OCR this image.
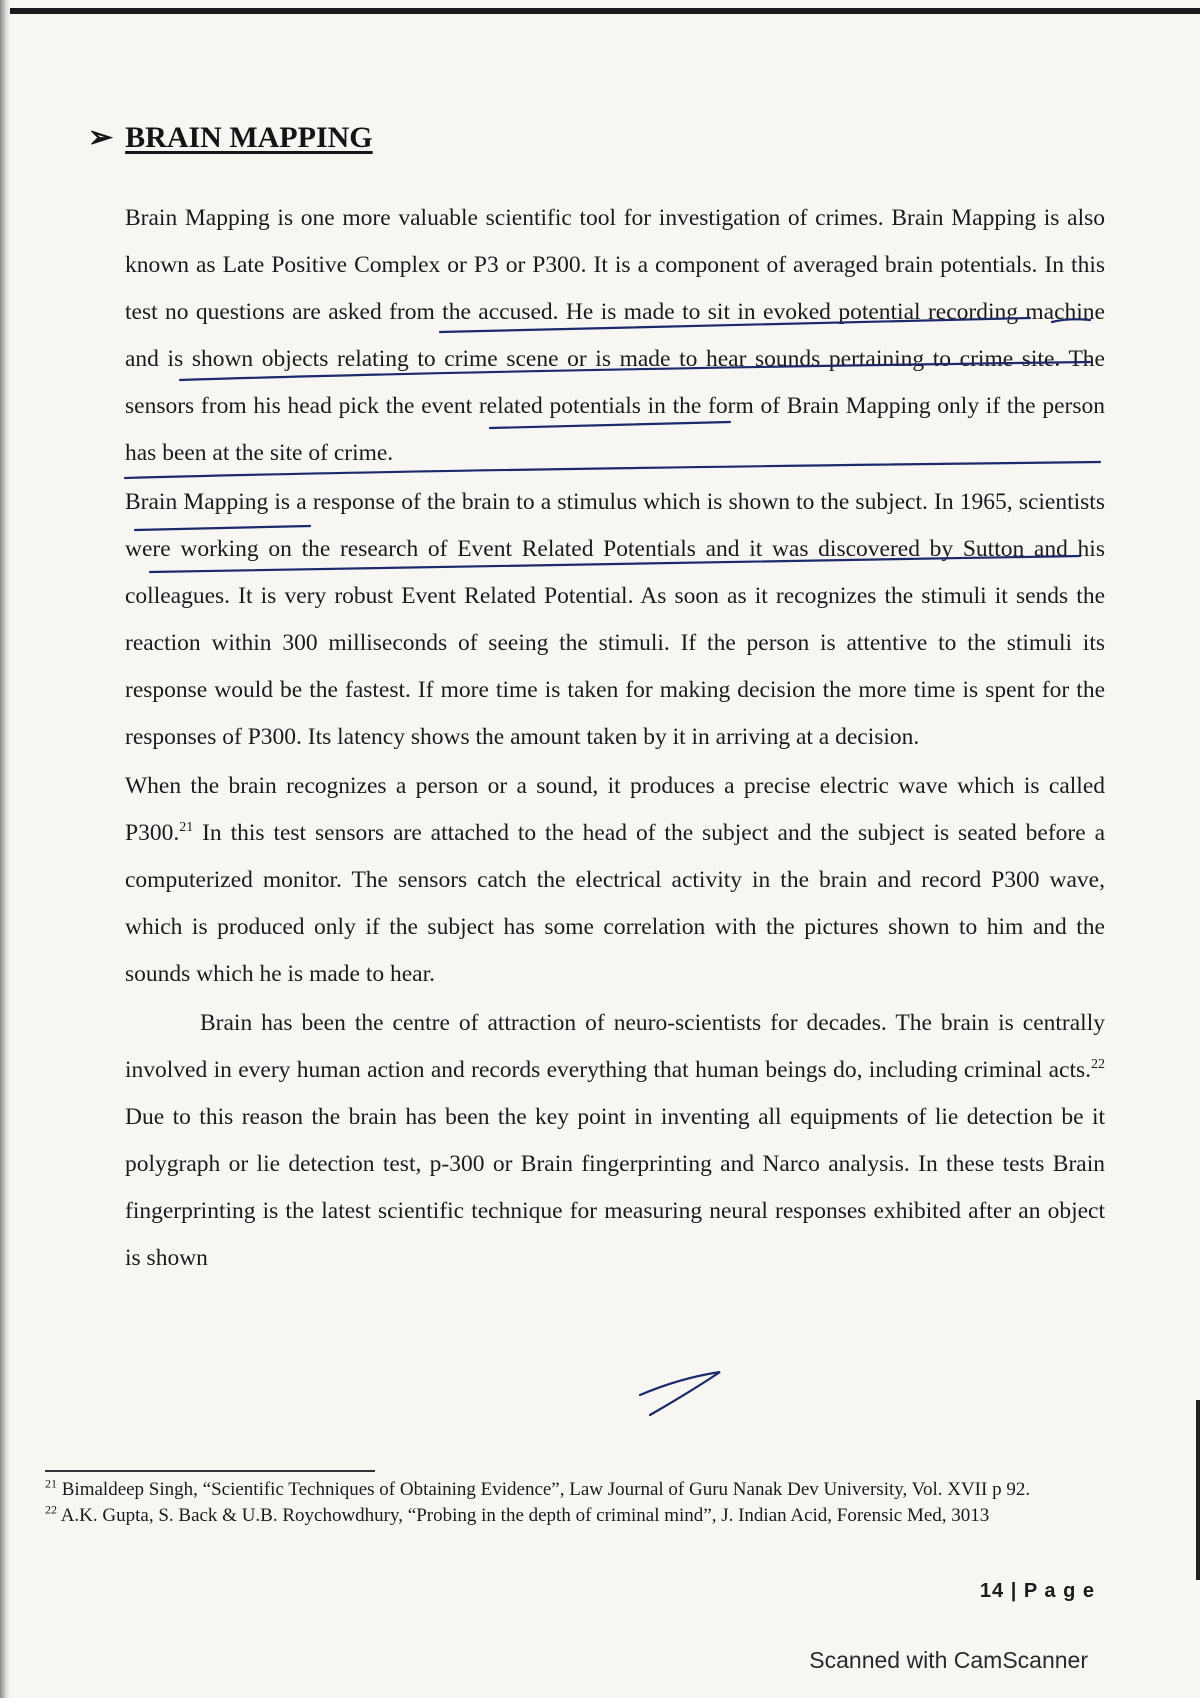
➢ BRAIN MAPPING

Brain Mapping is one more valuable scientific tool for investigation of crimes. Brain Mapping is also known as Late Positive Complex or P3 or P300. It is a component of averaged brain potentials. In this test no questions are asked from the accused. He is made to sit in evoked potential recording machine and is shown objects relating to crime scene or is made to hear sounds pertaining to crime site. The sensors from his head pick the event related potentials in the form of Brain Mapping only if the person has been at the site of crime.

Brain Mapping is a response of the brain to a stimulus which is shown to the subject. In 1965, scientists were working on the research of Event Related Potentials and it was discovered by Sutton and his colleagues. It is very robust Event Related Potential. As soon as it recognizes the stimuli it sends the reaction within 300 milliseconds of seeing the stimuli. If the person is attentive to the stimuli its response would be the fastest. If more time is taken for making decision the more time is spent for the responses of P300. Its latency shows the amount taken by it in arriving at a decision.

When the brain recognizes a person or a sound, it produces a precise electric wave which is called P300.21 In this test sensors are attached to the head of the subject and the subject is seated before a computerized monitor. The sensors catch the electrical activity in the brain and record P300 wave, which is produced only if the subject has some correlation with the pictures shown to him and the sounds which he is made to hear.

Brain has been the centre of attraction of neuro-scientists for decades. The brain is centrally involved in every human action and records everything that human beings do, including criminal acts.$^{22}$ Due to this reason the brain has been the key point in inventing all equipments of lie detection be it polygraph or lie detection test, p-300 or Brain fingerprinting and Narco analysis. In these tests Brain fingerprinting is the latest scientific technique for measuring neural responses exhibited after an object is shown

$^{21}$ Bimaldeep Singh, “Scientific Techniques of Obtaining Evidence”, Law Journal of Guru Nanak Dev University, Vol. XVII p 92.
$^{22}$ A.K. Gupta, S. Back & U.B. Roychowdhury, “Probing in the depth of criminal mind”, J. Indian Acid, Forensic Med, 3013
14 | P a g e
Scanned with CamScanner
